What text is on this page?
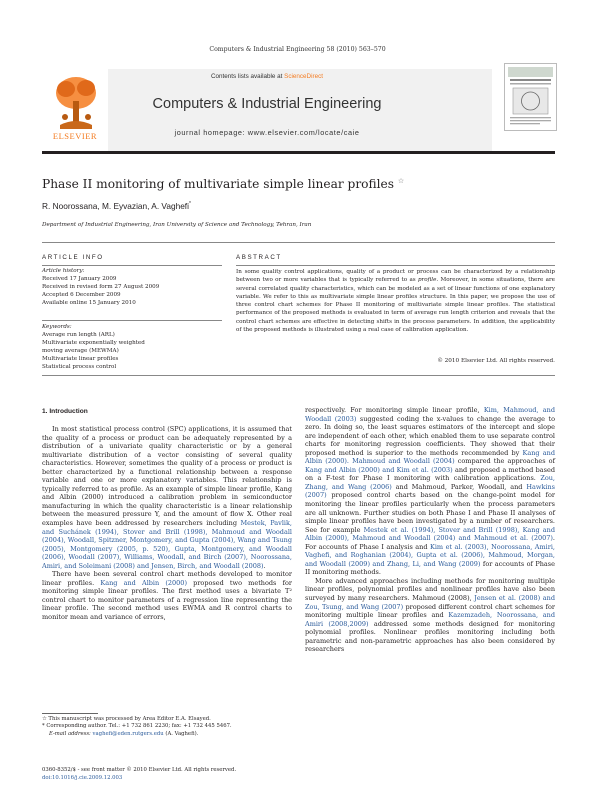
Computers & Industrial Engineering 58 (2010) 563–570
Contents lists available at ScienceDirect
Computers & Industrial Engineering
journal homepage: www.elsevier.com/locate/caie
ELSEVIER
Phase II monitoring of multivariate simple linear profiles ☆
R. Noorossana, M. Eyvazian, A. Vaghefi*
Department of Industrial Engineering, Iran University of Science and Technology, Tehran, Iran
ARTICLE INFO
Article history:
Received 17 January 2009
Received in revised form 27 August 2009
Accepted 6 December 2009
Available online 15 January 2010
Keywords:
Average run length (ARL)
Multivariate exponentially weighted
moving average (MEWMA)
Multivariate linear profiles
Statistical process control
ABSTRACT
In some quality control applications, quality of a product or process can be characterized by a relationship between two or more variables that is typically referred to as profile. Moreover, in some situations, there are several correlated quality characteristics, which can be modeled as a set of linear functions of one explanatory variable. We refer to this as multivariate simple linear profiles structure. In this paper, we propose the use of three control chart schemes for Phase II monitoring of multivariate simple linear profiles. The statistical performance of the proposed methods is evaluated in term of average run length criterion and reveals that the control chart schemes are effective in detecting shifts in the process parameters. In addition, the applicability of the proposed methods is illustrated using a real case of calibration application.
© 2010 Elsevier Ltd. All rights reserved.
1. Introduction

In most statistical process control (SPC) applications, it is assumed that the quality of a process or product can be adequately represented by a distribution of a univariate quality characteristic or by a general multivariate distribution of a vector consisting of several quality characteristics. However, sometimes the quality of a process or product is better characterized by a functional relationship between a response variable and one or more explanatory variables. This relationship is typically referred to as profile. As an example of simple linear profile, Kang and Albin (2000) introduced a calibration problem in semiconductor manufacturing in which the quality characteristic is a linear relationship between the measured pressure Y, and the amount of flow X. Other real examples have been addressed by researchers including Mestek, Pavlik, and Suchánek (1994), Stover and Brill (1998), Mahmoud and Woodall (2004), Woodall, Spitzner, Montgomery, and Gupta (2004), Wang and Tsung (2005), Montgomery (2005, p. 520), Gupta, Montgomery, and Woodall (2006), Woodall (2007), Williams, Woodall, and Birch (2007), Noorossana, Amiri, and Soleimani (2008) and Jensen, Birch, and Woodall (2008).

There have been several control chart methods developed to monitor linear profiles. Kang and Albin (2000) proposed two methods for monitoring simple linear profiles. The first method uses a bivariate T² control chart to monitor parameters of a regression line representing the linear profile. The second method uses EWMA and R control charts to monitor mean and variance of errors,

respectively. For monitoring simple linear profile, Kim, Mahmoud, and Woodall (2003) suggested coding the x-values to change the average to zero. In doing so, the least squares estimators of the intercept and slope are independent of each other, which enabled them to use separate control charts for monitoring regression coefficients. They showed that their proposed method is superior to the methods recommended by Kang and Albin (2000). Mahmoud and Woodall (2004) compared the approaches of Kang and Albin (2000) and Kim et al. (2003) and proposed a method based on a F-test for Phase I monitoring with calibration applications. Zou, Zhang, and Wang (2006) and Mahmoud, Parker, Woodall, and Hawkins (2007) proposed control charts based on the change-point model for monitoring the linear profiles particularly when the process parameters are all unknown. Further studies on both Phase I and Phase II analyses of simple linear profiles have been investigated by a number of researchers. See for example Mestek et al. (1994), Stover and Brill (1998), Kang and Albin (2000), Mahmoud and Woodall (2004) and Mahmoud et al. (2007). For accounts of Phase I analysis and Kim et al. (2003), Noorossana, Amiri, Vaghefi, and Roghanian (2004), Gupta et al. (2006), Mahmoud, Morgan, and Woodall (2009) and Zhang, Li, and Wang (2009) for accounts of Phase II monitoring methods.

More advanced approaches including methods for monitoring multiple linear profiles, polynomial profiles and nonlinear profiles have also been surveyed by many researchers. Mahmoud (2008), Jensen et al. (2008) and Zou, Tsung, and Wang (2007) proposed different control chart schemes for monitoring multiple linear profiles and Kazemzadeh, Noorossana, and Amiri (2008,2009) addressed some methods designed for monitoring polynomial profiles. Nonlinear profiles monitoring including both parametric and non-parametric approaches has also been considered by researchers

☆ This manuscript was processed by Area Editor E.A. Elsayed.
* Corresponding author. Tel.: +1 732 861 2230; fax: +1 732 445 5467.
E-mail address: vaghefi@eden.rutgers.edu (A. Vaghefi).
0360-8352/$ - see front matter © 2010 Elsevier Ltd. All rights reserved.
doi:10.1016/j.cie.2009.12.003
